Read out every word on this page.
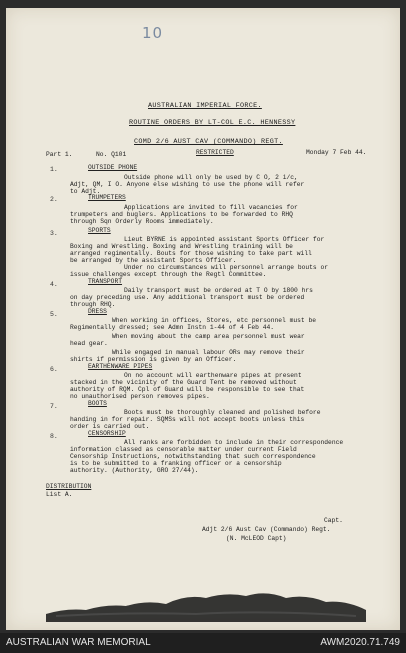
10
AUSTRALIAN IMPERIAL FORCE.
ROUTINE ORDERS BY LT-COL E.C. HENNESSY
COMD 2/6 AUST CAV (COMMANDO) REGT.
Part 1.	No. Q101	RESTRICTED	Monday 7 Feb 44.
1.	OUTSIDE PHONE
Outside phone will only be used by C O, 2 i/c,
Adjt, QM, I O. Anyone else wishing to use the phone will refer
to Adjt.
2.	TRUMPETERS
Applications are invited to fill vacancies for
trumpeters and buglers. Applications to be forwarded to RHQ
through Sqn Orderly Rooms immediately.
3.	SPORTS
Lieut BYRNE is appointed assistant Sports Officer for
Boxing and Wrestling. Boxing and Wrestling training will be
arranged regimentally. Bouts for those wishing to take part will
be arranged by the assistant Sports Officer.
Under no circumstances will personnel arrange bouts or
issue challenges except through the Regtl Committee.
4.	TRANSPORT
Daily transport must be ordered at T O by 1800 hrs
on day preceding use. Any additional transport must be ordered
through RHQ.
5.	DRESS
When working in offices, Stores, etc personnel must be
Regimentally dressed; see Admn Instn 1-44 of 4 Feb 44.
When moving about the camp area personnel must wear
head gear.
While engaged in manual labour ORs may remove their
shirts if permission is given by an Officer.
6.	EARTHENWARE PIPES
On no account will earthenware pipes at present
stacked in the vicinity of the Guard Tent be removed without
authority of RQM. Cpl of Guard will be responsible to see that
no unauthorised person removes pipes.
7.	BOOTS
Boots must be thoroughly cleaned and polished before
handing in for repair. SQMSs will not accept boots unless this
order is carried out.
8.	CENSORSHIP
All ranks are forbidden to include in their correspondence
information classed as censorable matter under current Field
Censorship Instructions, notwithstanding that such correspondence
is to be submitted to a franking officer or a censorship
authority. (Authority, GRO 27/44).
DISTRIBUTION
List A.
Capt.
Adjt 2/6 Aust Cav (Commando) Regt.
(N. McLEOD Capt)
AUSTRALIAN WAR MEMORIAL	AWM2020.71.749
